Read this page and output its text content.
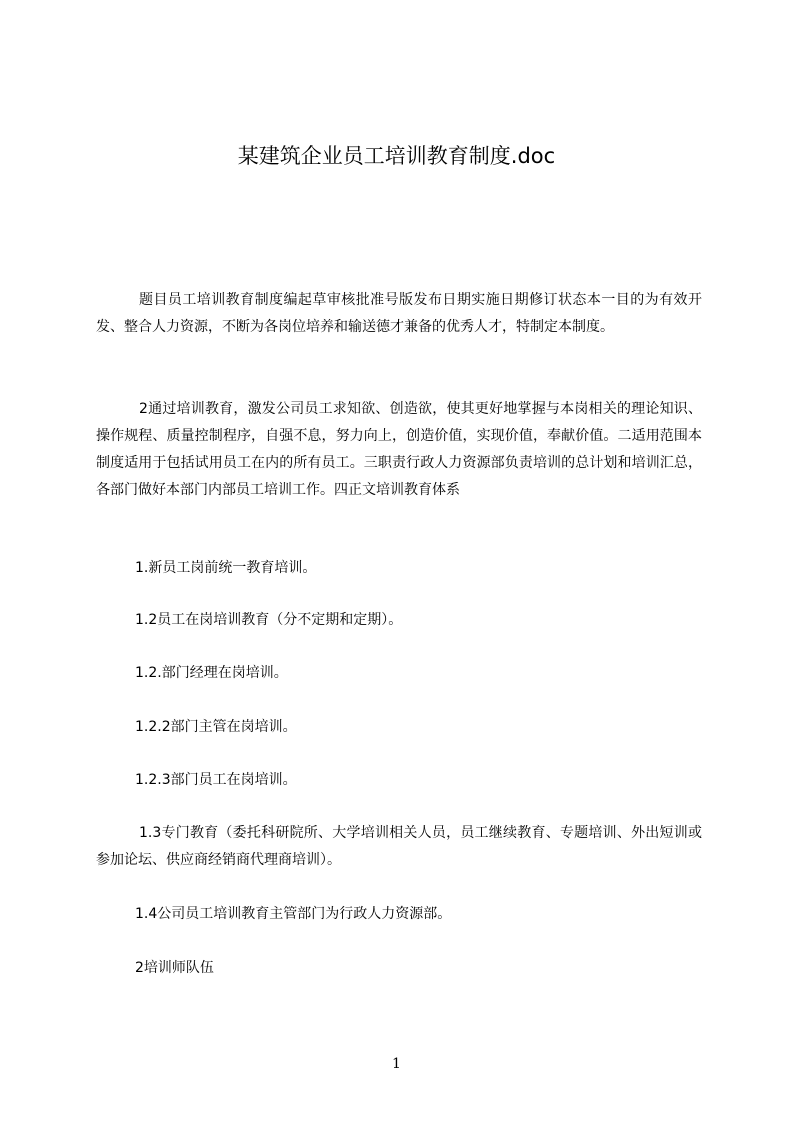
某建筑企业员工培训教育制度.doc

题目员工培训教育制度编起草审核批准号版发布日期实施日期修订状态本一目的为有效开发、整合人力资源，不断为各岗位培养和输送德才兼备的优秀人才，特制定本制度。

2通过培训教育，激发公司员工求知欲、创造欲，使其更好地掌握与本岗相关的理论知识、操作规程、质量控制程序，自强不息，努力向上，创造价值，实现价值，奉献价值。二适用范围本制度适用于包括试用员工在内的所有员工。三职责行政人力资源部负责培训的总计划和培训汇总，各部门做好本部门内部员工培训工作。四正文培训教育体系

1.新员工岗前统一教育培训。

1.2员工在岗培训教育（分不定期和定期）。

1.2.部门经理在岗培训。

1.2.2部门主管在岗培训。

1.2.3部门员工在岗培训。

1.3专门教育（委托科研院所、大学培训相关人员，员工继续教育、专题培训、外出短训或参加论坛、供应商经销商代理商培训）。

1.4公司员工培训教育主管部门为行政人力资源部。

2培训师队伍

1
